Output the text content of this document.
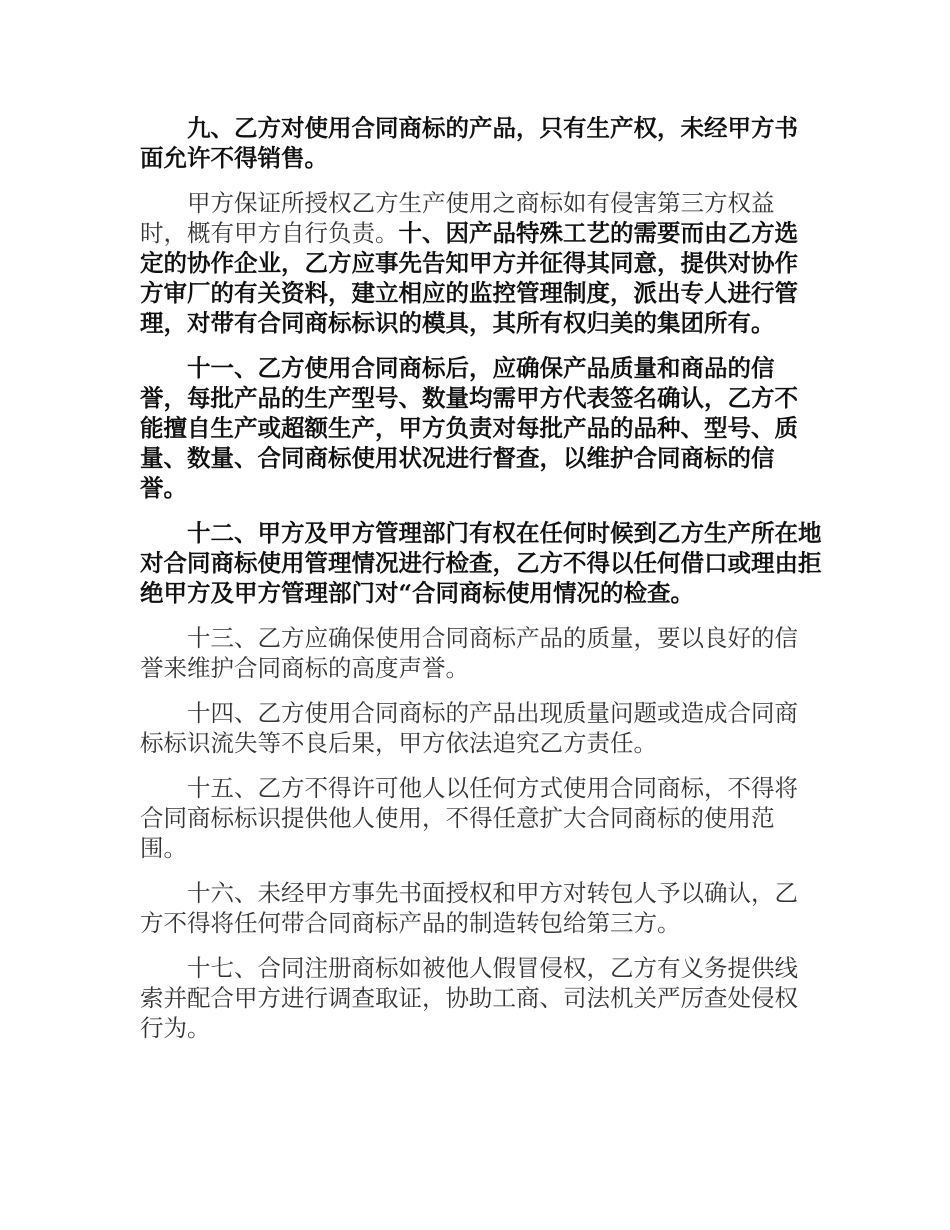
九、乙方对使用合同商标的产品，只有生产权，未经甲方书面允许不得销售。

甲方保证所授权乙方生产使用之商标如有侵害第三方权益时，概有甲方自行负责。十、因产品特殊工艺的需要而由乙方选定的协作企业，乙方应事先告知甲方并征得其同意，提供对协作方审厂的有关资料，建立相应的监控管理制度，派出专人进行管理，对带有合同商标标识的模具，其所有权归美的集团所有。

十一、乙方使用合同商标后，应确保产品质量和商品的信誉，每批产品的生产型号、数量均需甲方代表签名确认，乙方不能擅自生产或超额生产，甲方负责对每批产品的品种、型号、质量、数量、合同商标使用状况进行督查，以维护合同商标的信誉。

十二、甲方及甲方管理部门有权在任何时候到乙方生产所在地对合同商标使用管理情况进行检查，乙方不得以任何借口或理由拒绝甲方及甲方管理部门对“合同商标使用情况的检查。

十三、乙方应确保使用合同商标产品的质量，要以良好的信誉来维护合同商标的高度声誉。

十四、乙方使用合同商标的产品出现质量问题或造成合同商标标识流失等不良后果，甲方依法追究乙方责任。

十五、乙方不得许可他人以任何方式使用合同商标，不得将合同商标标识提供他人使用，不得任意扩大合同商标的使用范围。

十六、未经甲方事先书面授权和甲方对转包人予以确认，乙方不得将任何带合同商标产品的制造转包给第三方。

十七、合同注册商标如被他人假冒侵权，乙方有义务提供线索并配合甲方进行调查取证，协助工商、司法机关严厉查处侵权行为。
